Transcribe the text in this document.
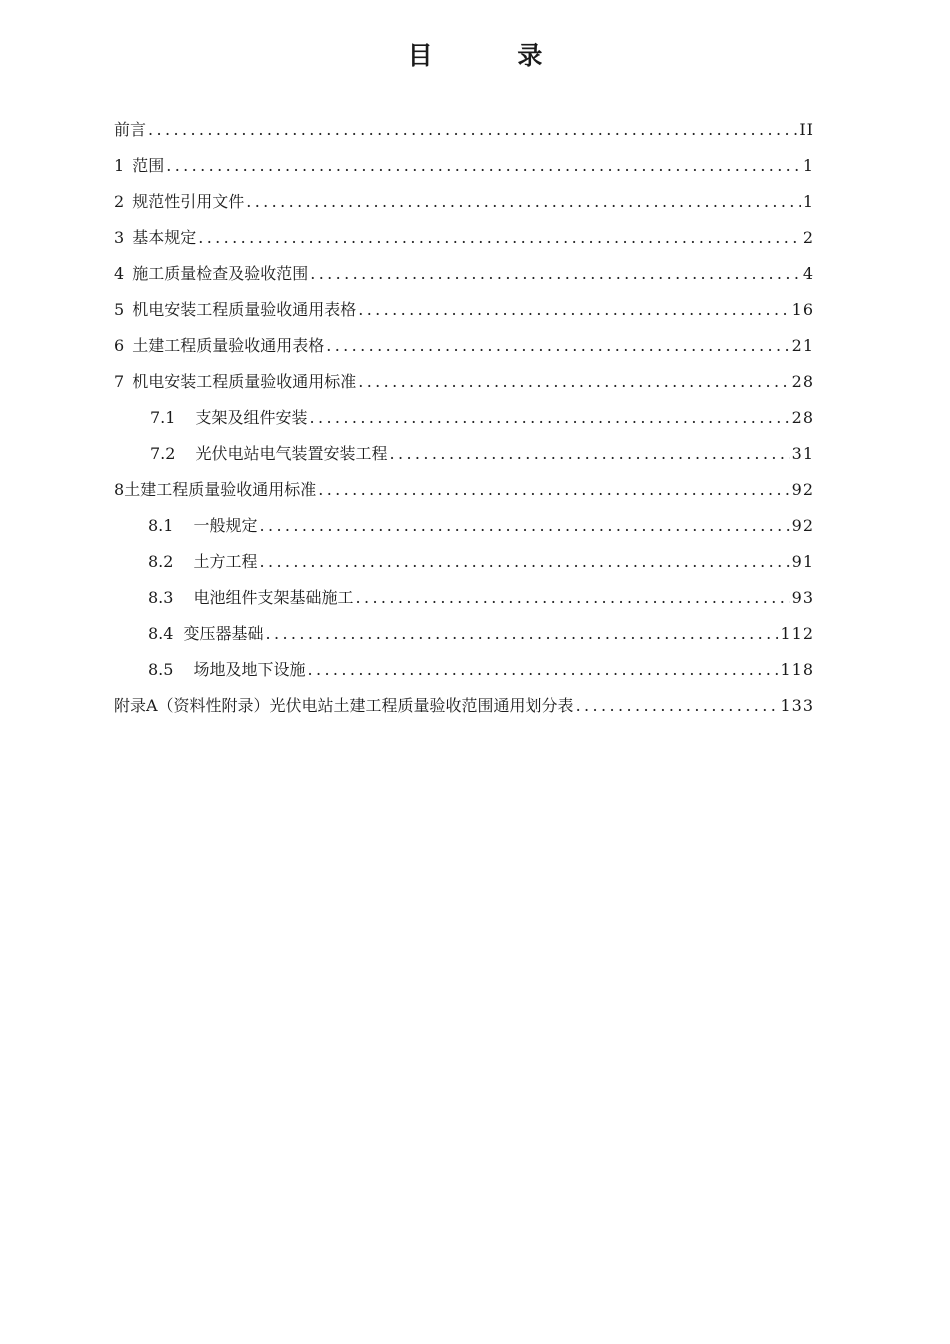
目 录
前言 .....	II
1 范围 .....	1
2 规范性引用文件 .....	1
3 基本规定 .....	2
4 施工质量检查及验收范围 .....	4
5 机电安装工程质量验收通用表格 .....	16
6 土建工程质量验收通用表格 .....	21
7 机电安装工程质量验收通用标准 .....	28
7.1 支架及组件安装 .....	28
7.2 光伏电站电气装置安装工程 .....	31
8土建工程质量验收通用标准 .....	92
8.1 一般规定 .....	92
8.2 土方工程 .....	91
8.3 电池组件支架基础施工 .....	93
8.4 变压器基础 .....	112
8.5 场地及地下设施 .....	118
附录A（资料性附录）光伏电站土建工程质量验收范围通用划分表 .....	133
